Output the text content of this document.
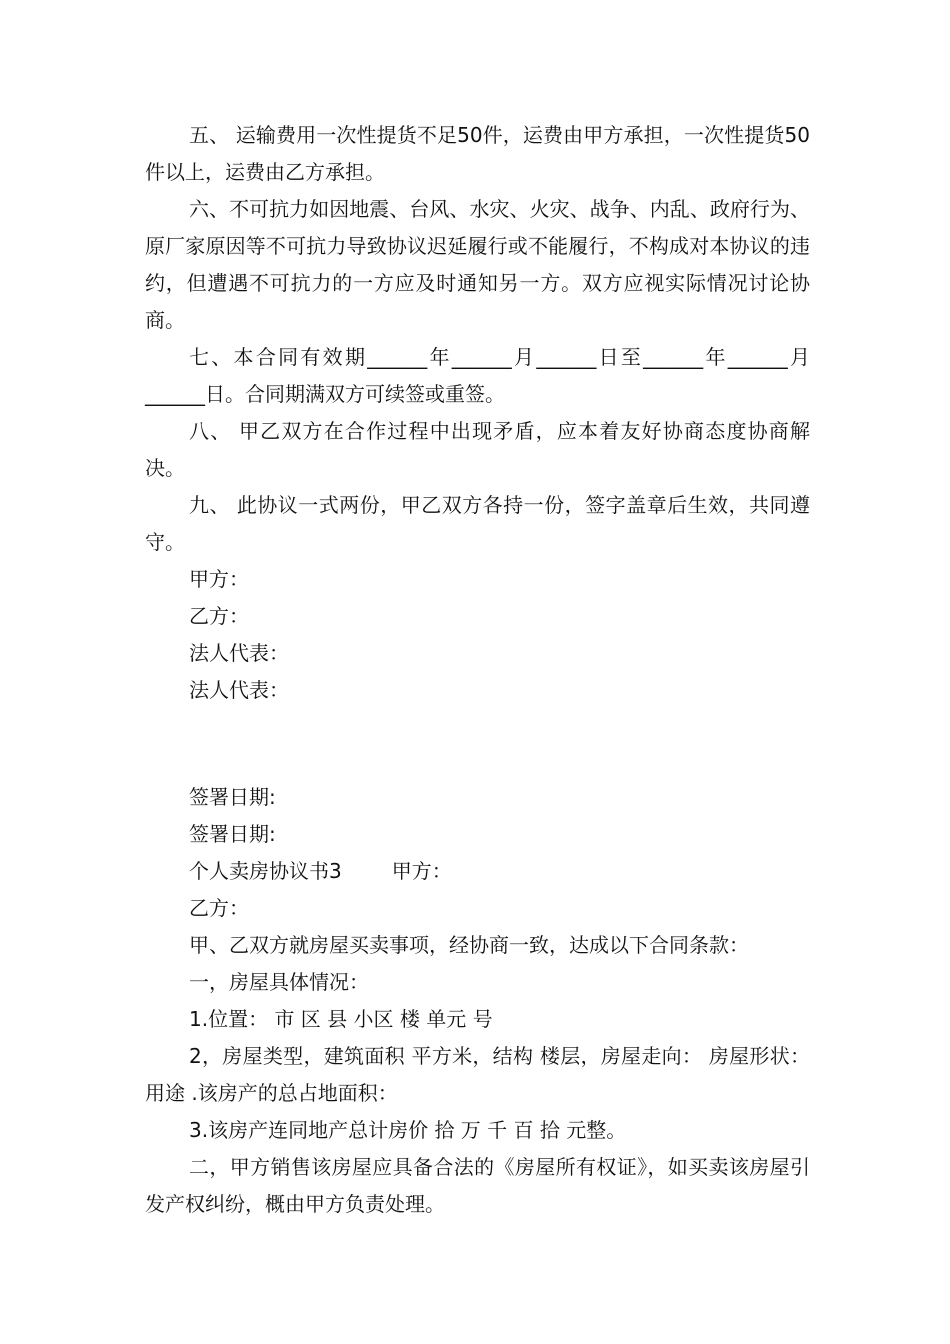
五、 运输费用一次性提货不足50件，运费由甲方承担，一次性提货50件以上，运费由乙方承担。

六、不可抗力如因地震、台风、水灾、火灾、战争、内乱、政府行为、原厂家原因等不可抗力导致协议迟延履行或不能履行，不构成对本协议的违约，但遭遇不可抗力的一方应及时通知另一方。双方应视实际情况讨论协商。

七、本合同有效期______年______月______日至______年______月______日。合同期满双方可续签或重签。

八、 甲乙双方在合作过程中出现矛盾，应本着友好协商态度协商解决。

九、 此协议一式两份，甲乙双方各持一份，签字盖章后生效，共同遵守。

甲方：

乙方：

法人代表：

法人代表：

签署日期:

签署日期:

个人卖房协议书3	甲方：

乙方：

甲、乙双方就房屋买卖事项，经协商一致，达成以下合同条款：

一，房屋具体情况：

1.位置： 市 区 县 小区 楼 单元 号

2，房屋类型，建筑面积 平方米，结构 楼层，房屋走向： 房屋形状： 用途 .该房产的总占地面积：

3.该房产连同地产总计房价 拾 万 千 百 拾 元整。

二，甲方销售该房屋应具备合法的《房屋所有权证》，如买卖该房屋引发产权纠纷，概由甲方负责处理。
